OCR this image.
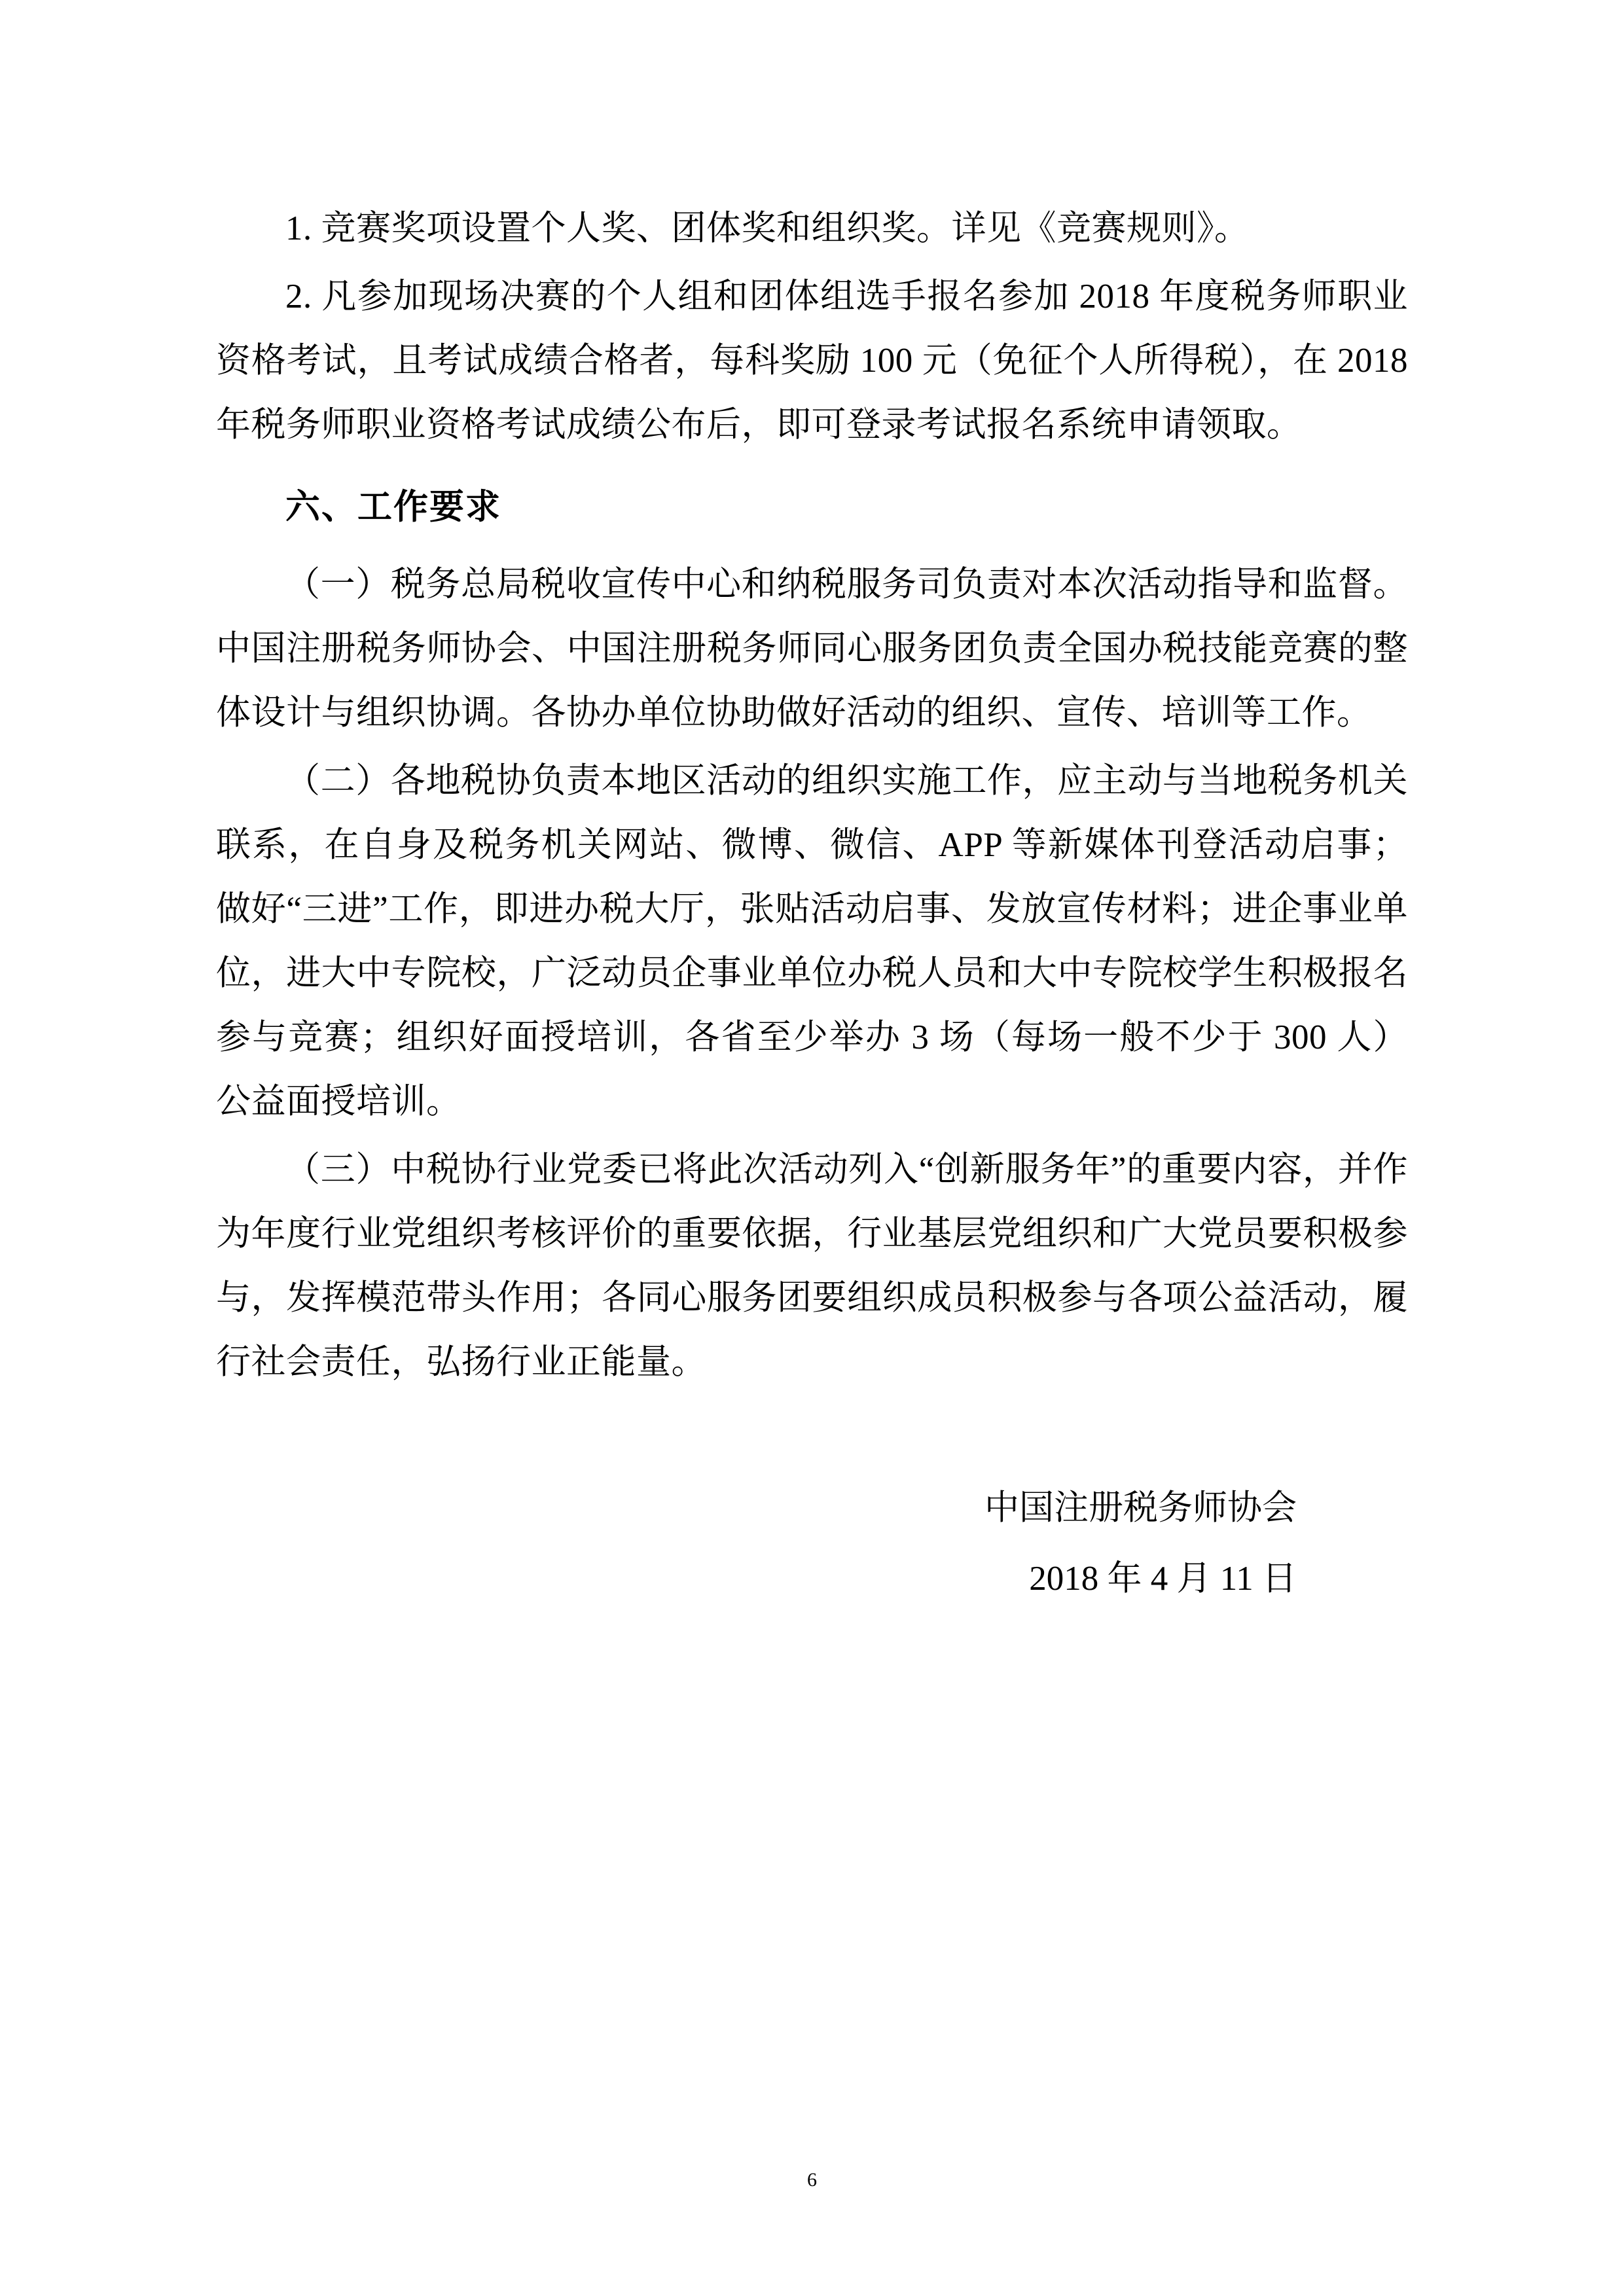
1. 竞赛奖项设置个人奖、团体奖和组织奖。详见《竞赛规则》。

2. 凡参加现场决赛的个人组和团体组选手报名参加 2018 年度税务师职业资格考试，且考试成绩合格者，每科奖励 100 元（免征个人所得税），在 2018 年税务师职业资格考试成绩公布后，即可登录考试报名系统申请领取。

六、工作要求

（一）税务总局税收宣传中心和纳税服务司负责对本次活动指导和监督。中国注册税务师协会、中国注册税务师同心服务团负责全国办税技能竞赛的整体设计与组织协调。各协办单位协助做好活动的组织、宣传、培训等工作。

（二）各地税协负责本地区活动的组织实施工作，应主动与当地税务机关联系，在自身及税务机关网站、微博、微信、APP 等新媒体刊登活动启事；做好“三进”工作，即进办税大厅，张贴活动启事、发放宣传材料；进企事业单位，进大中专院校，广泛动员企事业单位办税人员和大中专院校学生积极报名参与竞赛；组织好面授培训，各省至少举办 3 场（每场一般不少于 300 人）公益面授培训。

（三）中税协行业党委已将此次活动列入“创新服务年”的重要内容，并作为年度行业党组织考核评价的重要依据，行业基层党组织和广大党员要积极参与，发挥模范带头作用；各同心服务团要组织成员积极参与各项公益活动，履行社会责任，弘扬行业正能量。

中国注册税务师协会
2018 年 4 月 11 日
6
